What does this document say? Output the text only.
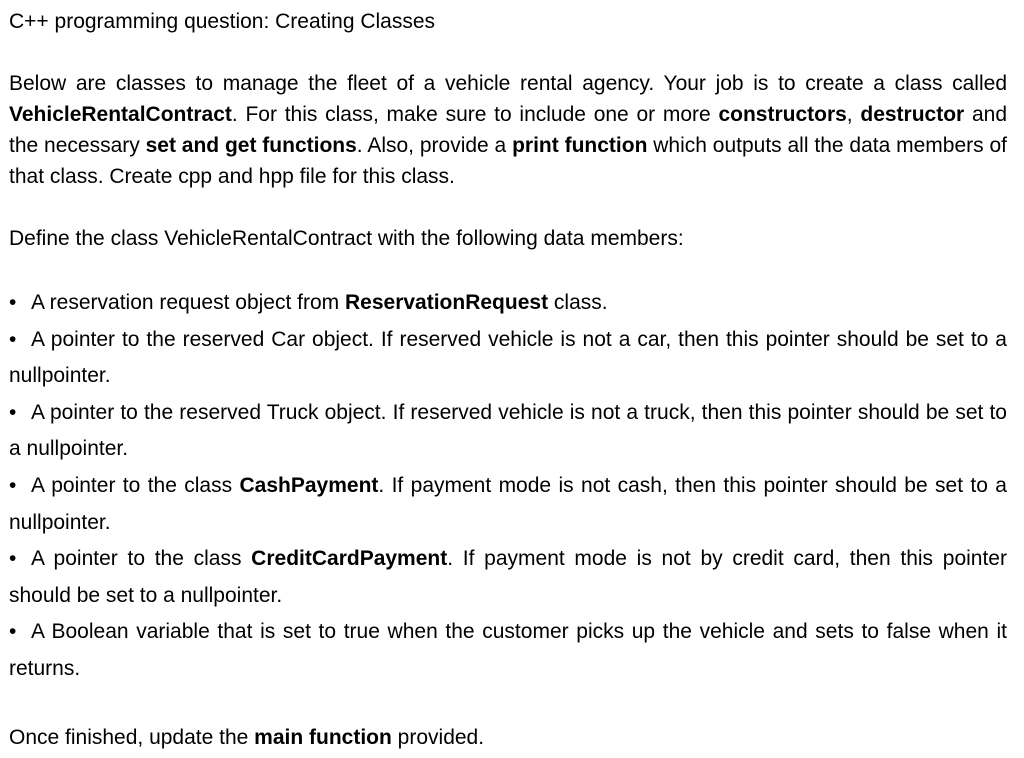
C++ programming question: Creating Classes
Below are classes to manage the fleet of a vehicle rental agency. Your job is to create a class called VehicleRentalContract. For this class, make sure to include one or more constructors, destructor and the necessary set and get functions. Also, provide a print function which outputs all the data members of that class. Create cpp and hpp file for this class.
Define the class VehicleRentalContract with the following data members:
• A reservation request object from ReservationRequest class.
• A pointer to the reserved Car object. If reserved vehicle is not a car, then this pointer should be set to a nullpointer.
• A pointer to the reserved Truck object. If reserved vehicle is not a truck, then this pointer should be set to a nullpointer.
• A pointer to the class CashPayment. If payment mode is not cash, then this pointer should be set to a nullpointer.
• A pointer to the class CreditCardPayment. If payment mode is not by credit card, then this pointer should be set to a nullpointer.
• A Boolean variable that is set to true when the customer picks up the vehicle and sets to false when it returns.
Once finished, update the main function provided.
